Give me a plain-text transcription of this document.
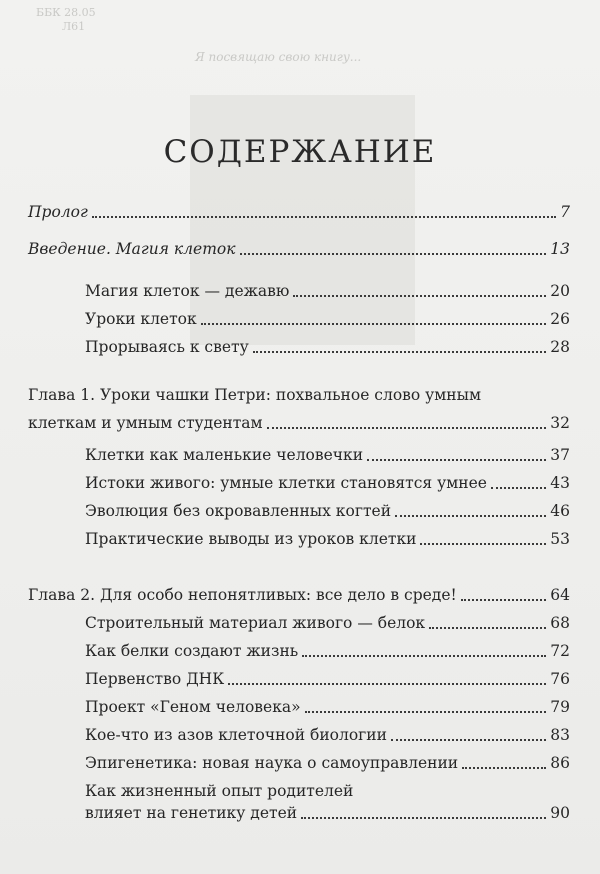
ББК 28.05
Л61
Я посвящаю свою книгу...
СОДЕРЖАНИЕ
Пролог	7
Введение. Магия клеток	13
Магия клеток — дежавю	20
Уроки клеток	26
Прорываясь к свету	28
Глава 1. Уроки чашки Петри: похвальное слово умным
клеткам и умным студентам	32
Клетки как маленькие человечки	37
Истоки живого: умные клетки становятся умнее	43
Эволюция без окровавленных когтей	46
Практические выводы из уроков клетки	53
Глава 2. Для особо непонятливых: все дело в среде!	64
Строительный материал живого — белок	68
Как белки создают жизнь	72
Первенство ДНК	76
Проект «Геном человека»	79
Кое-что из азов клеточной биологии	83
Эпигенетика: новая наука о самоуправлении	86
Как жизненный опыт родителей
влияет на генетику детей	90
